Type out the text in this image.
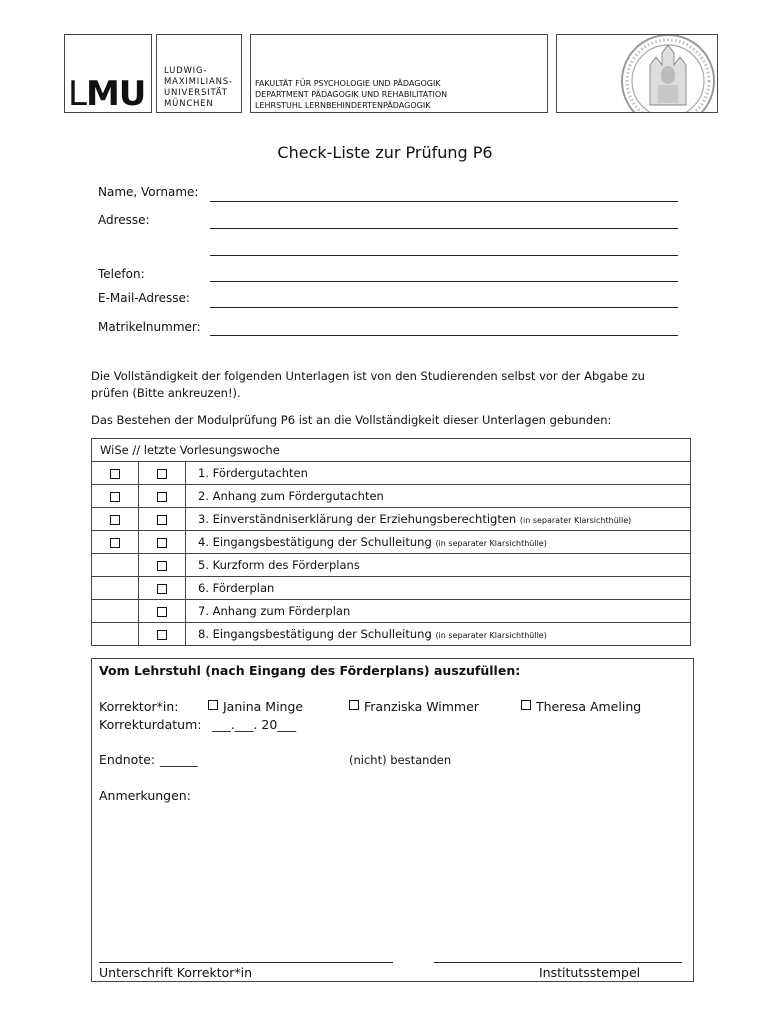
LMU
LUDWIG-
MAXIMILIANS-
UNIVERSITÄT
MÜNCHEN
FAKULTÄT FÜR PSYCHOLOGIE UND PÄDAGOGIK
DEPARTMENT PÄDAGOGIK UND REHABILITATION
LEHRSTUHL LERNBEHINDERTENPÄDAGOGIK
Check-Liste zur Prüfung P6
Name, Vorname:
Adresse:
Telefon:
E-Mail-Adresse:
Matrikelnummer:
Die Vollständigkeit der folgenden Unterlagen ist von den Studierenden selbst vor der Abgabe zu prüfen (Bitte ankreuzen!).
Das Bestehen der Modulprüfung P6 ist an die Vollständigkeit dieser Unterlagen gebunden:
WiSe // letzte Vorlesungswoche		
		1. Fördergutachten
		2. Anhang zum Fördergutachten
		3. Einverständniserklärung der Erziehungsberechtigten (in separater Klarsichthülle)
		4. Eingangsbestätigung der Schulleitung (in separater Klarsichthülle)
		5. Kurzform des Förderplans
		6. Förderplan
		7. Anhang zum Förderplan
		8. Eingangsbestätigung der Schulleitung (in separater Klarsichthülle)
Vom Lehrstuhl (nach Eingang des Förderplans) auszufüllen:
Korrektor*in:	Janina Minge	Franziska Wimmer	Theresa Ameling
Korrekturdatum: ___.___. 20___
Endnote: ______	(nicht) bestanden
Anmerkungen:
Unterschrift Korrektor*in	Institutsstempel
